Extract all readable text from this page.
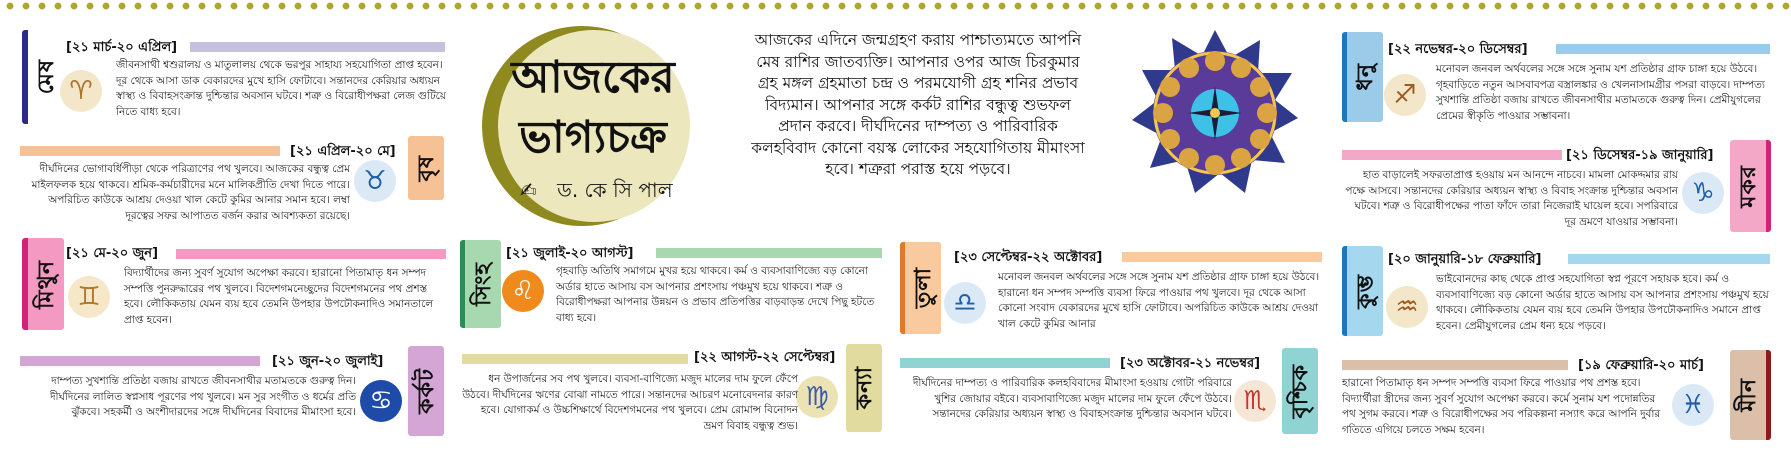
আজকের
ভাগ্যচক্র
✍ ড. কে সি পাল
আজকের এদিনে জন্মগ্রহণ করায় পাশ্চাত্যমতে আপনি মেষ রাশির জাতব্যক্তি। আপনার ওপর আজ চিরকুমার গ্রহ মঙ্গল গ্রহমাতা চন্দ্র ও পরমযোগী গ্রহ শনির প্রভাব বিদ্যমান। আপনার সঙ্গে কর্কট রাশির বন্ধুত্ব শুভফল প্রদান করবে। দীর্ঘদিনের দাম্পত্য ও পারিবারিক কলহবিবাদ কোনো বয়স্ক লোকের সহযোগিতায় মীমাংসা হবে। শত্রুরা পরাস্ত হয়ে পড়বে।
মেষ
[২১ মার্চ-২০ এপ্রিল]
♈
জীবনসাথী শ্বশুরালয় ও মাতুলালয় থেকে ভরপুর সাহায্য সহযোগিতা প্রাপ্ত হবেন। দূর থেকে আসা ডাক বেকারদের মুখে হাসি ফোটাবে। সন্তানদের কেরিয়ার অধ্যয়ন স্বাস্থ্য ও বিবাহসংক্রান্ত দুশ্চিন্তার অবসান ঘটবে। শত্রু ও বিরোধীপক্ষরা লেজ গুটিয়ে নিতে বাধ্য হবে।
[২১ এপ্রিল-২০ মে]
বৃষ
♉
দীর্ঘদিনের ভোগাবর্ধিপীড়া থেকে পরিত্রাণের পথ খুলবে। আজকের বন্ধুত্ব প্রেম মাইলফলক হয়ে থাকবে। শ্রমিক-কর্মচারীদের মনে মালিকপ্রীতি দেখা দিতে পারে। অপরিচিত কাউকে আশ্রয় দেওয়া খাল কেটে কুমির আনার সমান হবে। লম্বা দূরত্বের সফর আপাতত বর্জন করার আবশ্যকতা রয়েছে।
মিথুন
[২১ মে-২০ জুন]
♊
বিদ্যার্থীদের জন্য সুবর্ণ সুযোগ অপেক্ষা করবে। হারানো পিতামাতৃ ধন সম্পদ সম্পত্তি পুনরুদ্ধারের পথ খুলবে। বিদেশগমনেচ্ছুদের বিদেশগমনের পথ প্রশস্ত হবে। লৌকিকতায় যেমন ব্যয় হবে তেমনি উপহার উপঢৌকনাদিও সমানতালে প্রাপ্ত হবেন।
[২১ জুন-২০ জুলাই]
কর্কট
♋
দাম্পত্য সুখশান্তি প্রতিষ্ঠা বজায় রাখতে জীবনসাথীর মতামতকে গুরুত্ব দিন। দীর্ঘদিনের লালিত স্বপ্নসাধ পূরণের পথ খুলবে। মন সুর সংগীত ও ধর্মের প্রতি ঝুঁকবে। সহকর্মী ও অংশীদারদের সঙ্গে দীর্ঘদিনের বিবাদের মীমাংসা হবে।
সিংহ
[২১ জুলাই-২০ আগস্ট]
♌
গৃহবাড়ি অতিথি সমাগমে মুখর হয়ে থাকবে। কর্ম ও ব্যবসাবাণিজ্যে বড় কোনো অর্ডার হাতে আসায় বস আপনার প্রশংসায় পঞ্চমুখ হয়ে থাকবে। শত্রু ও বিরোধীপক্ষরা আপনার উন্নয়ন ও প্রভাব প্রতিপত্তির বাড়বাড়ন্ত দেখে পিছু হটতে বাধ্য হবে।
[২২ আগস্ট-২২ সেপ্টেম্বর]
কন্যা
♍
ধন উপার্জনের সব পথ খুলবে। ব্যবসা-বাণিজ্যে মজুদ মালের দাম ফুলে ফেঁপে উঠবে। দীর্ঘদিনের ঋণের বোঝা নামতে পারে। সন্তানদের আচরণ মনোবেদনার কারণ হবে। যোগাকর্ম ও উচ্চশিক্ষার্থে বিদেশগমনের পথ খুলবে। প্রেম রোমান্স বিনোদন ভ্রমণ বিবাহ বন্ধুত্ব শুভ।
তুলা
[২৩ সেপ্টেম্বর-২২ অক্টোবর]
♎
মনোবল জনবল অর্থবলের সঙ্গে সঙ্গে সুনাম যশ প্রতিষ্ঠার গ্রাফ চাঙ্গা হয়ে উঠবে। হারানো ধন সম্পদ সম্পত্তি ব্যবসা ফিরে পাওয়ার পথ খুলবে। দূর থেকে আসা কোনো সংবাদ বেকারদের মুখে হাসি ফোটাবে। অপরিচিত কাউকে আশ্রয় দেওয়া খাল কেটে কুমির আনার
[২৩ অক্টোবর-২১ নভেম্বর]
বৃশ্চিক
♏
দীর্ঘদিনের দাম্পত্য ও পারিবারিক কলহবিবাদের মীমাংসা হওয়ায় গোটা পরিবারে খুশির জোয়ার বইবে। ব্যবসাবাণিজ্যে মজুদ মালের দাম ফুলে ফেঁপে উঠবে। সন্তানদের কেরিয়ার অধ্যয়ন স্বাস্থ্য ও বিবাহসংক্রান্ত দুশ্চিন্তার অবসান ঘটবে।
ধনু
[২২ নভেম্বর-২০ ডিসেম্বর]
♐
মনোবল জনবল অর্থবলের সঙ্গে সঙ্গে সুনাম যশ প্রতিষ্ঠার গ্রাফ চাঙ্গা হয়ে উঠবে। গৃহবাড়িতে নতুন আসবাবপত্র বস্ত্রালঙ্কার ও খেলনাসামগ্রীর পসরা বাড়বে। দাম্পত্য সুখশান্তি প্রতিষ্ঠা বজায় রাখতে জীবনসাথীর মতামতকে গুরুত্ব দিন। প্রেমীযুগলের প্রেমের স্বীকৃতি পাওয়ার সম্ভাবনা।
[২১ ডিসেম্বর-১৯ জানুয়ারি]
মকর
♑
হাত বাড়ালেই সফরতাপ্রাপ্ত হওয়ায় মন আনন্দে নাচবে। মামলা মোকদ্দমার রায় পক্ষে আসবে। সন্তানদের কেরিয়ার অধ্যয়ন স্বাস্থ্য ও বিবাহ সংক্রান্ত দুশ্চিন্তার অবসান ঘটবে। শত্রু ও বিরোধীপক্ষের পাতা ফাঁদে তারা নিজেরাই ঘায়েল হবে। সপরিবারে দূর ভ্রমণে যাওয়ার সম্ভাবনা।
কুম্ভ
[২০ জানুয়ারি-১৮ ফেব্রুয়ারি]
♒
ভাইবোনদের কাছ থেকে প্রাপ্ত সহযোগিতা স্বপ্ন পূরণে সহায়ক হবে। কর্ম ও ব্যবসাবাণিজ্যে বড় কোনো অর্ডার হাতে আসায় বস আপনার প্রশংসায় পঞ্চমুখ হয়ে থাকবে। লৌকিকতায় যেমন ব্যয় হবে তেমনি উপহার উপঢৌকনাদিও সমানে প্রাপ্ত হবেন। প্রেমীযুগলের প্রেম ধন্য হয়ে পড়বে।
[১৯ ফেব্রুয়ারি-২০ মার্চ]
মীন
♓
হারানো পিতামাতৃ ধন সম্পদ সম্পত্তি ব্যবসা ফিরে পাওয়ার পথ প্রশস্ত হবে। বিদ্যার্থীরা স্ত্রীদের জন্য সুবর্ণ সুযোগ অপেক্ষা করবে। কর্মে সুনাম যশ পদোন্নতির পথ সুগম করবে। শত্রু ও বিরোধীপক্ষের সব পরিকল্পনা নস্যাৎ করে আপনি দুর্বার গতিতে এগিয়ে চলতে সক্ষম হবেন।
